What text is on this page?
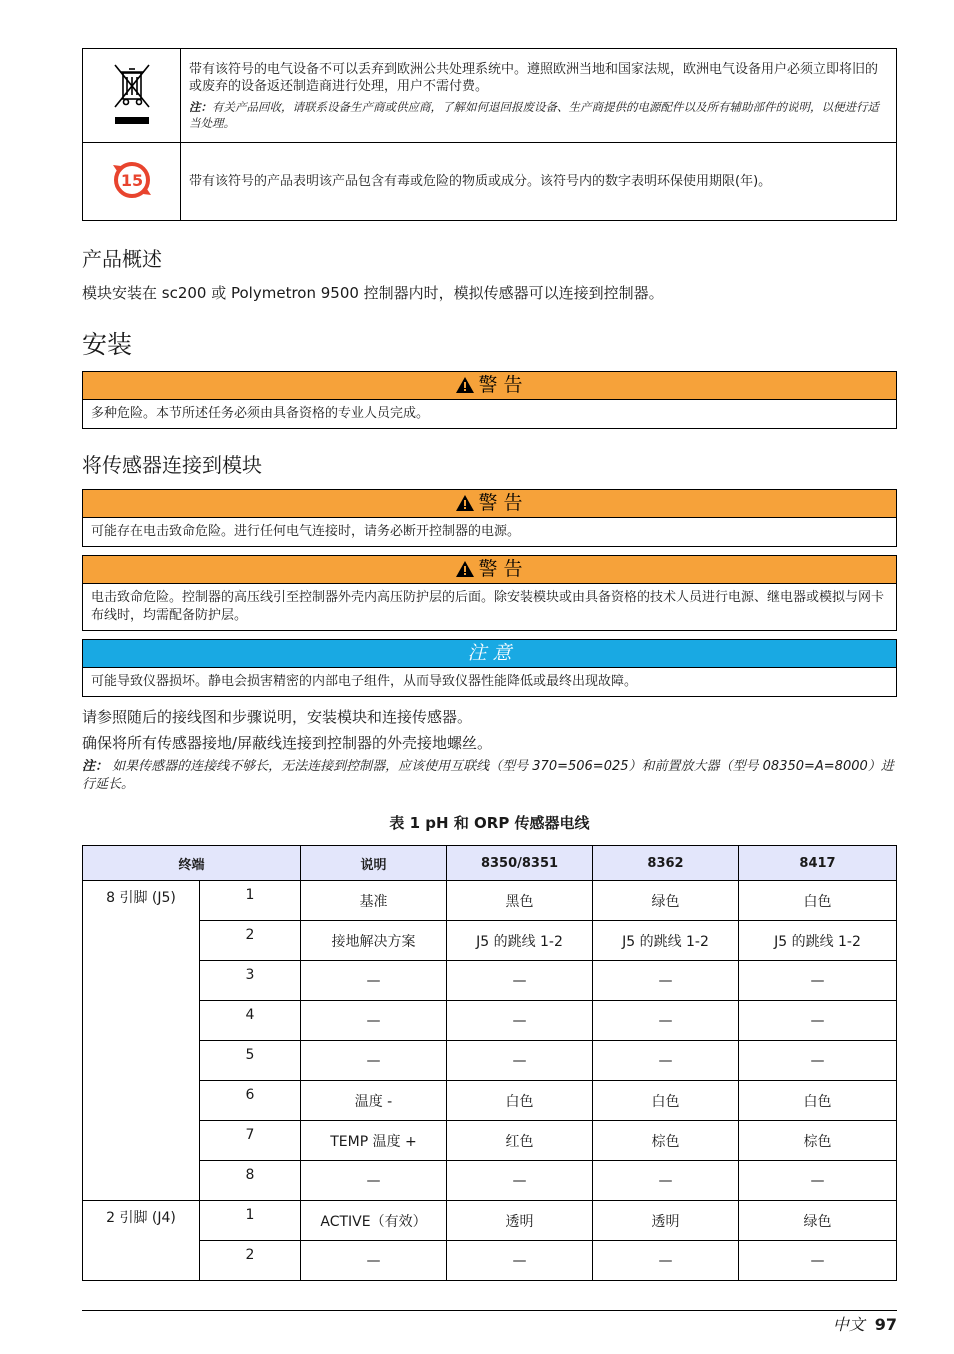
带有该符号的电气设备不可以丢弃到欧洲公共处理系统中。遵照欧洲当地和国家法规，欧洲电气设备用户必须立即将旧的或废弃的设备返还制造商进行处理，用户不需付费。
注：有关产品回收，请联系设备生产商或供应商，了解如何退回报废设备、生产商提供的电源配件以及所有辅助部件的说明，以便进行适当处理。

15	带有该符号的产品表明该产品包含有毒或危险的物质或成分。该符号内的数字表明环保使用期限(年)。
产品概述

模块安装在 sc200 或 Polymetron 9500 控制器内时，模拟传感器可以连接到控制器。

安装
警 告
多种危险。本节所述任务必须由具备资格的专业人员完成。
将传感器连接到模块
警 告
可能存在电击致命危险。进行任何电气连接时，请务必断开控制器的电源。
警 告
电击致命危险。控制器的高压线引至控制器外壳内高压防护层的后面。除安装模块或由具备资格的技术人员进行电源、继电器或模拟与网卡布线时，均需配备防护层。
注 意
可能导致仪器损坏。静电会损害精密的内部电子组件，从而导致仪器性能降低或最终出现故障。

请参照随后的接线图和步骤说明，安装模块和连接传感器。

确保将所有传感器接地/屏蔽线连接到控制器的外壳接地螺丝。

注： 如果传感器的连接线不够长，无法连接到控制器，应该使用互联线（型号 370=506=025）和前置放大器（型号 08350=A=8000）进行延长。
表 1 pH 和 ORP 传感器电线
终端		说明	8350/8351	8362	8417
8 引脚 (J5)	1	基准	黑色	绿色	白色
	2	接地解决方案	J5 的跳线 1-2	J5 的跳线 1-2	J5 的跳线 1-2
	3	—	—	—	—
	4	—	—	—	—
	5	—	—	—	—
	6	温度 -	白色	白色	白色
	7	TEMP 温度 +	红色	棕色	棕色
	8	—	—	—	—
2 引脚 (J4)	1	ACTIVE（有效）	透明	透明	绿色
	2	—	—	—	—
中文 97
